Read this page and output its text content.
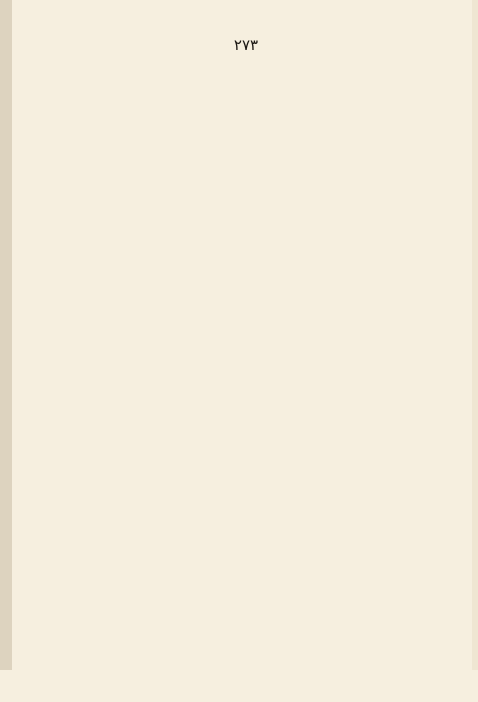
٢٧٣
